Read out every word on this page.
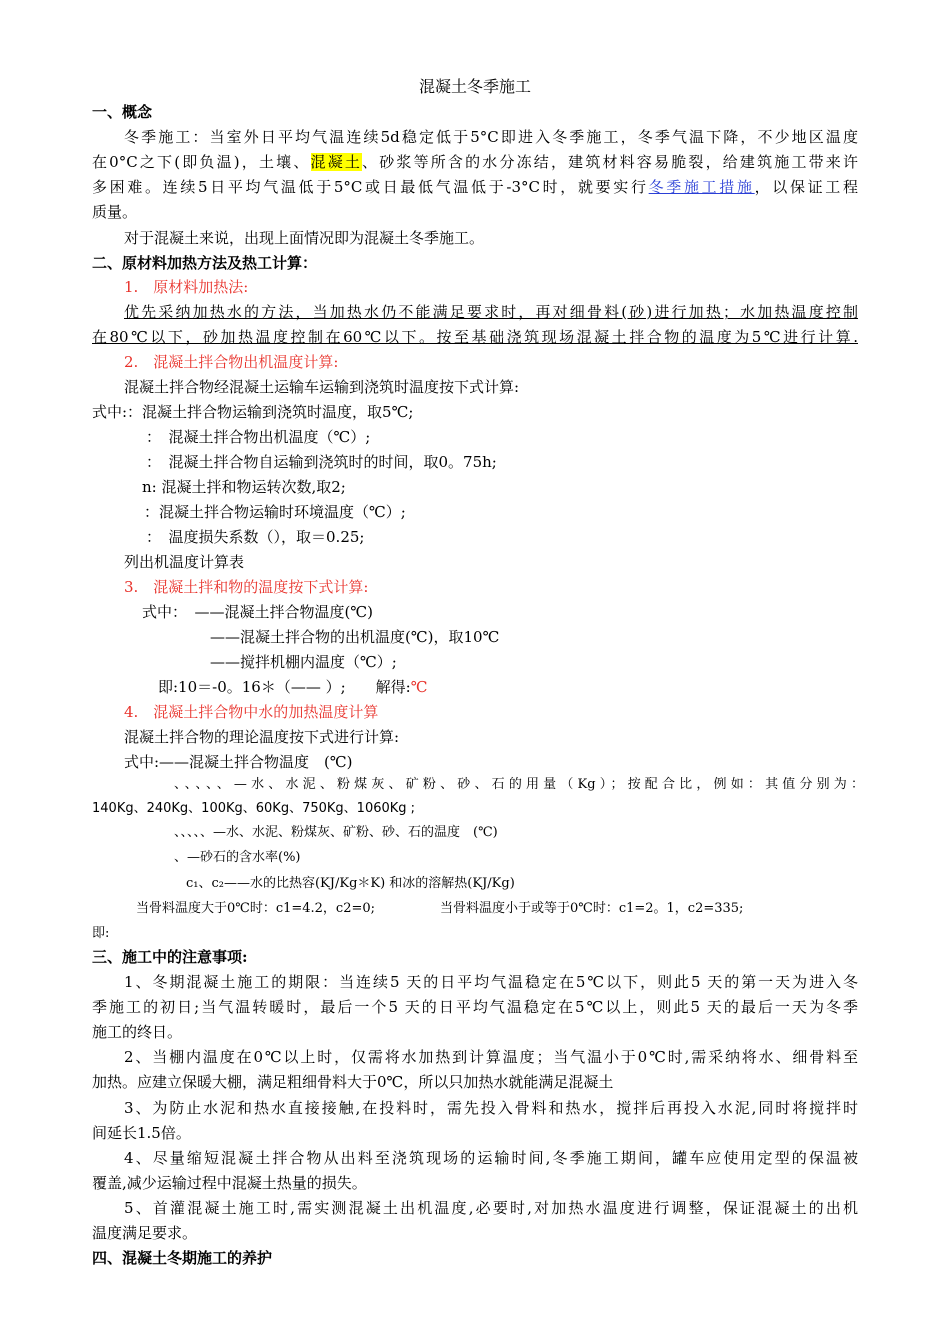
混凝土冬季施工
一、概念
冬季施工：当室外日平均气温连续5d稳定低于5°C即进入冬季施工，冬季气温下降，不少地区温度
在0°C之下(即负温)，土壤、混凝土、砂浆等所含的水分冻结，建筑材料容易脆裂，给建筑施工带来许
多困难。连续5日平均气温低于5°C或日最低气温低于-3°C时，就要实行冬季施工措施，以保证工程
质量。
对于混凝土来说，出现上面情况即为混凝土冬季施工。
二、原材料加热方法及热工计算：
1.　原材料加热法:
优先采纳加热水的方法，当加热水仍不能满足要求时，再对细骨料(砂)进行加热；水加热温度控制
在80℃以下，砂加热温度控制在60℃以下。按至基础浇筑现场混凝土拌合物的温度为5℃进行计算.
2.　混凝土拌合物出机温度计算:
混凝土拌合物经混凝土运输车运输到浇筑时温度按下式计算:
式中:：混凝土拌合物运输到浇筑时温度，取5℃;
：　混凝土拌合物出机温度（℃）;
：　混凝土拌合物自运输到浇筑时的时间，取0。75h;
n: 混凝土拌和物运转次数,取2;
：混凝土拌合物运输时环境温度（℃）;
：　温度损失系数（），取＝0.25;
列出机温度计算表
3.　混凝土拌和物的温度按下式计算:
式中：　——混凝土拌合物温度(℃)
——混凝土拌合物的出机温度(℃)，取10℃
——搅拌机棚内温度（℃）;
即:10＝-0。16＊（—— ）;　　解得:℃
4.　混凝土拌合物中水的加热温度计算
混凝土拌合物的理论温度按下式进行计算:
式中:——混凝土拌合物温度　(℃)
、、、、、—水、水泥、粉煤灰、矿粉、砂、石的用量（Kg）；按配合比，例如：其值分别为：
140Kg、240Kg、100Kg、60Kg、750Kg、1060Kg ;
、、、、、—水、水泥、粉煤灰、矿粉、砂、石的温度　(℃)
、—砂石的含水率(%)
c₁、c₂——水的比热容(KJ/Kg＊K) 和冰的溶解热(KJ/Kg)
当骨料温度大于0℃时：c1=4.2，c2=0;	当骨料温度小于或等于0℃时：c1=2。1，c2=335;
即:
三、施工中的注意事项:
1、冬期混凝土施工的期限：当连续5 天的日平均气温稳定在5℃以下，则此5 天的第一天为进入冬
季施工的初日;当气温转暖时，最后一个5 天的日平均气温稳定在5℃以上，则此5 天的最后一天为冬季
施工的终日。
2、当棚内温度在0℃以上时，仅需将水加热到计算温度；当气温小于0℃时,需采纳将水、细骨料至
加热。应建立保暖大棚，满足粗细骨料大于0℃，所以只加热水就能满足混凝土
3、为防止水泥和热水直接接触,在投料时，需先投入骨料和热水，搅拌后再投入水泥,同时将搅拌时
间延长1.5倍。
4、尽量缩短混凝土拌合物从出料至浇筑现场的运输时间,冬季施工期间，罐车应使用定型的保温被
覆盖,减少运输过程中混凝土热量的损失。
5、首灌混凝土施工时,需实测混凝土出机温度,必要时,对加热水温度进行调整，保证混凝土的出机
温度满足要求。
四、混凝土冬期施工的养护
